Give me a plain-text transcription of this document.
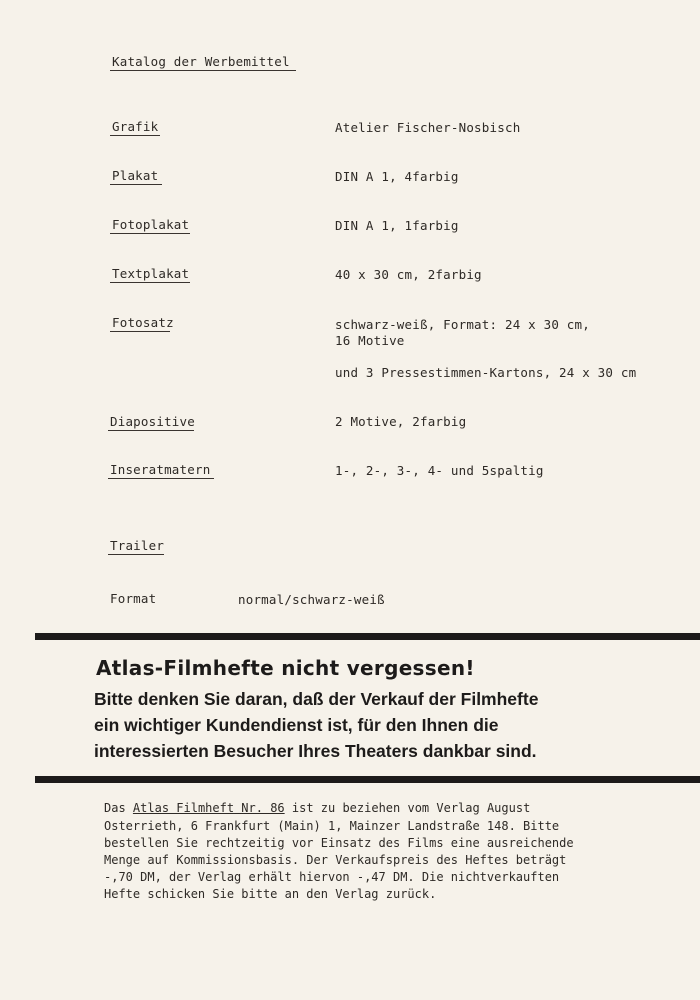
Katalog der Werbemittel
Grafik	Atelier Fischer-Nosbisch
Plakat	DIN A 1, 4farbig
Fotoplakat	DIN A 1, 1farbig
Textplakat	40 x 30 cm, 2farbig
Fotosatz	schwarz-weiß, Format: 24 x 30 cm,
16 Motive
und 3 Pressestimmen-Kartons, 24 x 30 cm
Diapositive	2 Motive, 2farbig
Inseratmatern	1-, 2-, 3-, 4- und 5spaltig
Trailer
Format	normal/schwarz-weiß
Atlas-Filmhefte nicht vergessen!
Bitte denken Sie daran, daß der Verkauf der Filmhefte
ein wichtiger Kundendienst ist, für den Ihnen die
interessierten Besucher Ihres Theaters dankbar sind.
Das Atlas Filmheft Nr. 86 ist zu beziehen vom Verlag August
Osterrieth, 6 Frankfurt (Main) 1, Mainzer Landstraße 148. Bitte
bestellen Sie rechtzeitig vor Einsatz des Films eine ausreichende
Menge auf Kommissionsbasis. Der Verkaufspreis des Heftes beträgt
-,70 DM, der Verlag erhält hiervon -,47 DM. Die nichtverkauften
Hefte schicken Sie bitte an den Verlag zurück.
